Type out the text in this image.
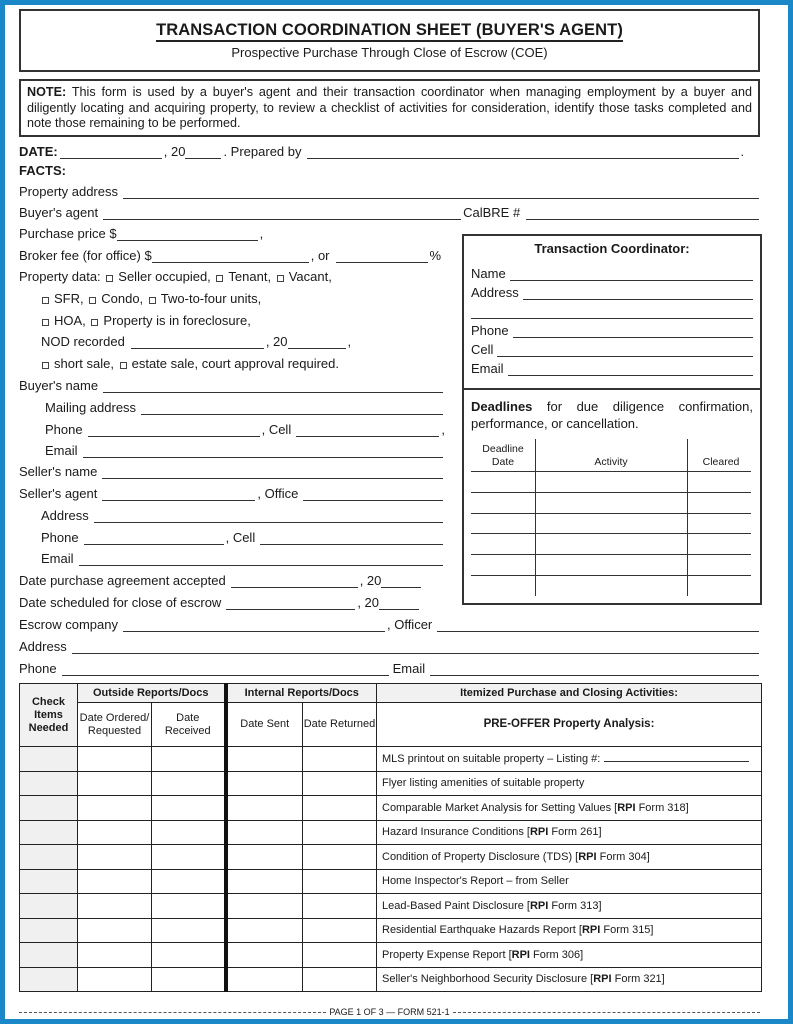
TRANSACTION COORDINATION SHEET (BUYER'S AGENT)
Prospective Purchase Through Close of Escrow (COE)
NOTE: This form is used by a buyer's agent and their transaction coordinator when managing employment by a buyer and diligently locating and acquiring property, to review a checklist of activities for consideration, identify those tasks completed and note those remaining to be performed.
DATE:	, 20	. Prepared by	.
FACTS:
Property address
Buyer's agent	CalBRE #
Purchase price $	,
Broker fee (for office) $	, or	%
Property data:
Seller occupied,
Tenant,
Vacant,
SFR,
Condo,
Two-to-four units,
HOA,
Property is in foreclosure,
NOD recorded	, 20	,
short sale,
estate sale, court approval required.
Buyer's name
Mailing address
Phone	, Cell	,
Email
Seller's name
Seller's agent	, Office
Address
Phone	, Cell
Email
Date purchase agreement accepted	, 20
Date scheduled for close of escrow	, 20
Escrow company	, Officer
Address
Phone	Email
Transaction Coordinator:
Name
Address
Phone
Cell
Email
Deadlines for due diligence confirmation, performance, or cancellation.
Deadline
Date	Activity	Cleared
Check Items Needed	Outside Reports/Docs		Internal Reports/Docs		Itemized Purchase and Closing Activities:
	Date Ordered/ Requested	Date Received	Date Sent	Date Returned	PRE-OFFER Property Analysis:
					MLS printout on suitable property – Listing #:
					Flyer listing amenities of suitable property
					Comparable Market Analysis for Setting Values [RPI Form 318]
					Hazard Insurance Conditions [RPI Form 261]
					Condition of Property Disclosure (TDS) [RPI Form 304]
					Home Inspector's Report – from Seller
					Lead-Based Paint Disclosure [RPI Form 313]
					Residential Earthquake Hazards Report [RPI Form 315]
					Property Expense Report [RPI Form 306]
					Seller's Neighborhood Security Disclosure [RPI Form 321]
PAGE 1 OF 3 — FORM 521-1
